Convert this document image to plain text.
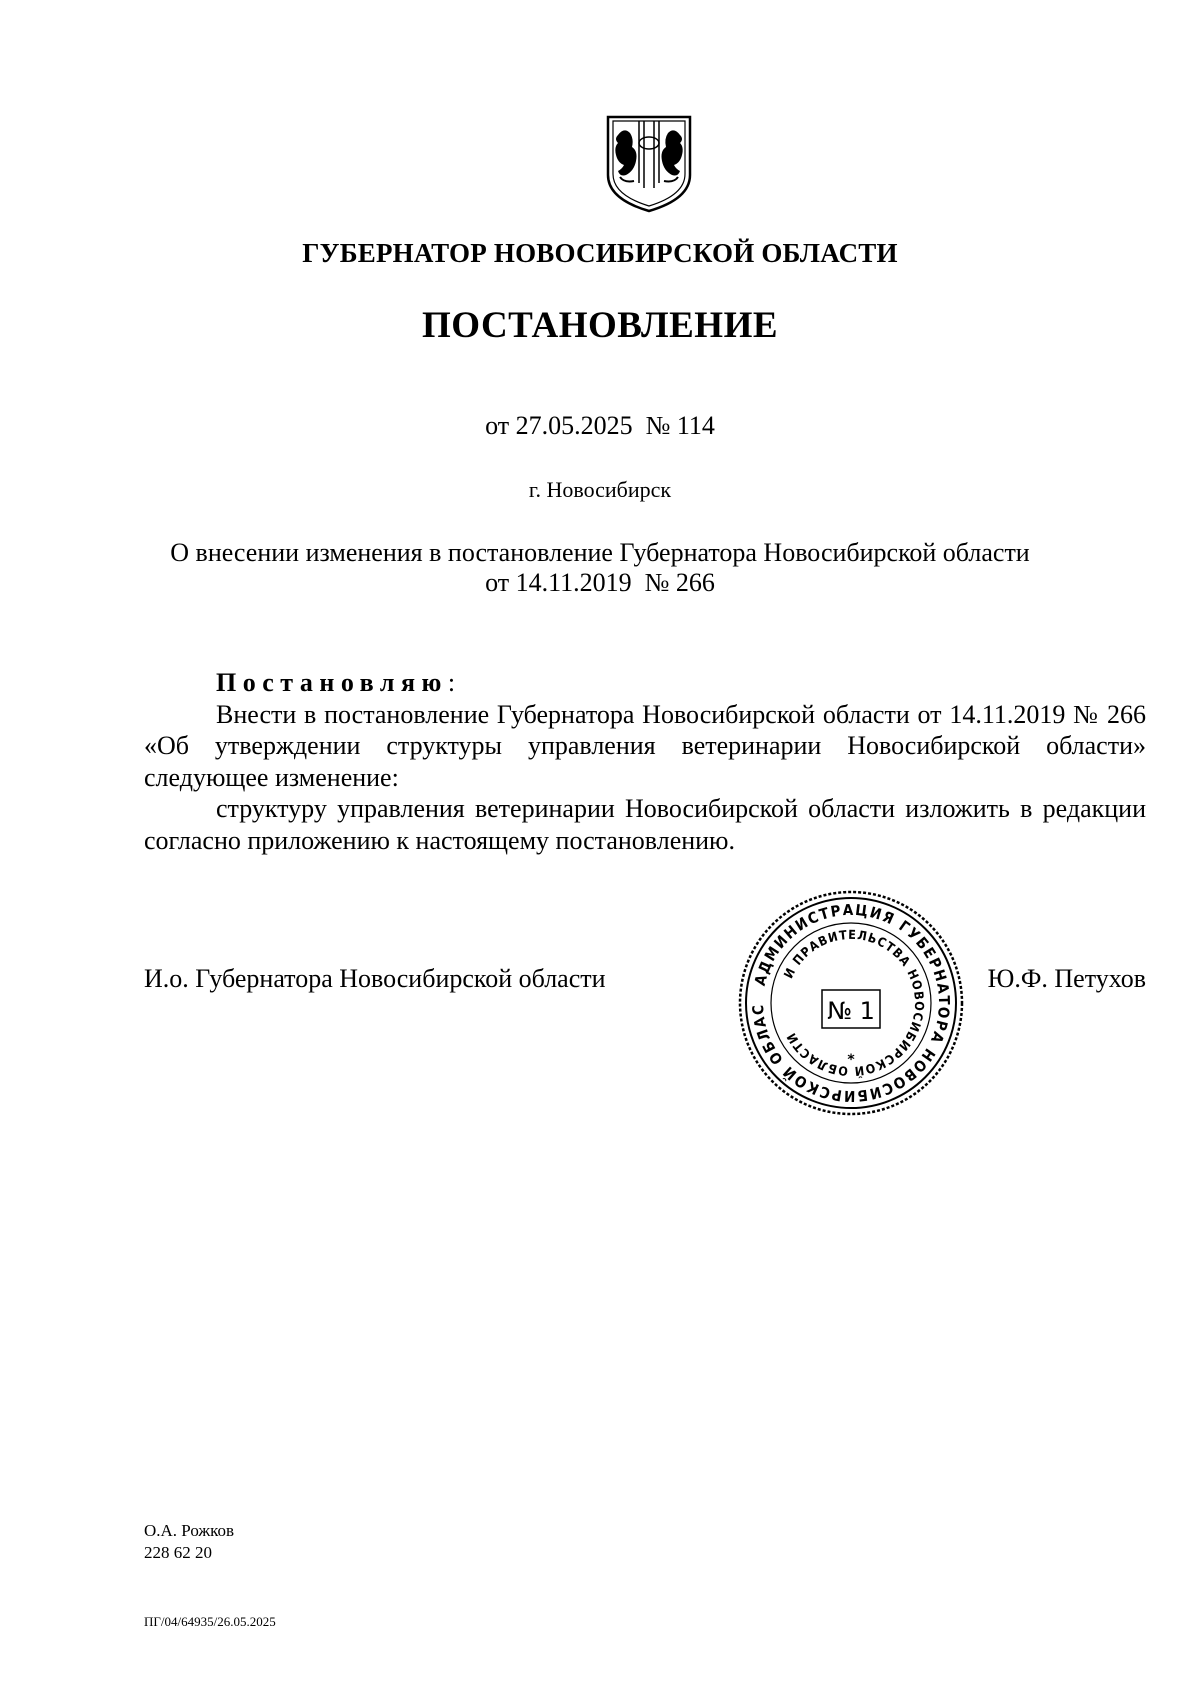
ГУБЕРНАТОР НОВОСИБИРСКОЙ ОБЛАСТИ
ПОСТАНОВЛЕНИЕ
от 27.05.2025  № 114
г. Новосибирск
О внесении изменения в постановление Губернатора Новосибирской области
от 14.11.2019  № 266

Постановляю:

Внести в постановление Губернатора Новосибирской области от 14.11.2019 № 266 «Об утверждении структуры управления ветеринарии Новосибирской области» следующее изменение:

структуру управления ветеринарии Новосибирской области изложить в редакции согласно приложению к настоящему постановлению.

И.о. Губернатора Новосибирской области	Ю.Ф. Петухов
АДМИНИСТРАЦИЯ ГУБЕРНАТОРА НОВОСИБИРСКОЙ ОБЛАС
И ПРАВИТЕЛЬСТВА НОВОСИБИРСКОЙ ОБЛАСТИ
№ 1
*
О.А. Рожков
228 62 20
ПГ/04/64935/26.05.2025
